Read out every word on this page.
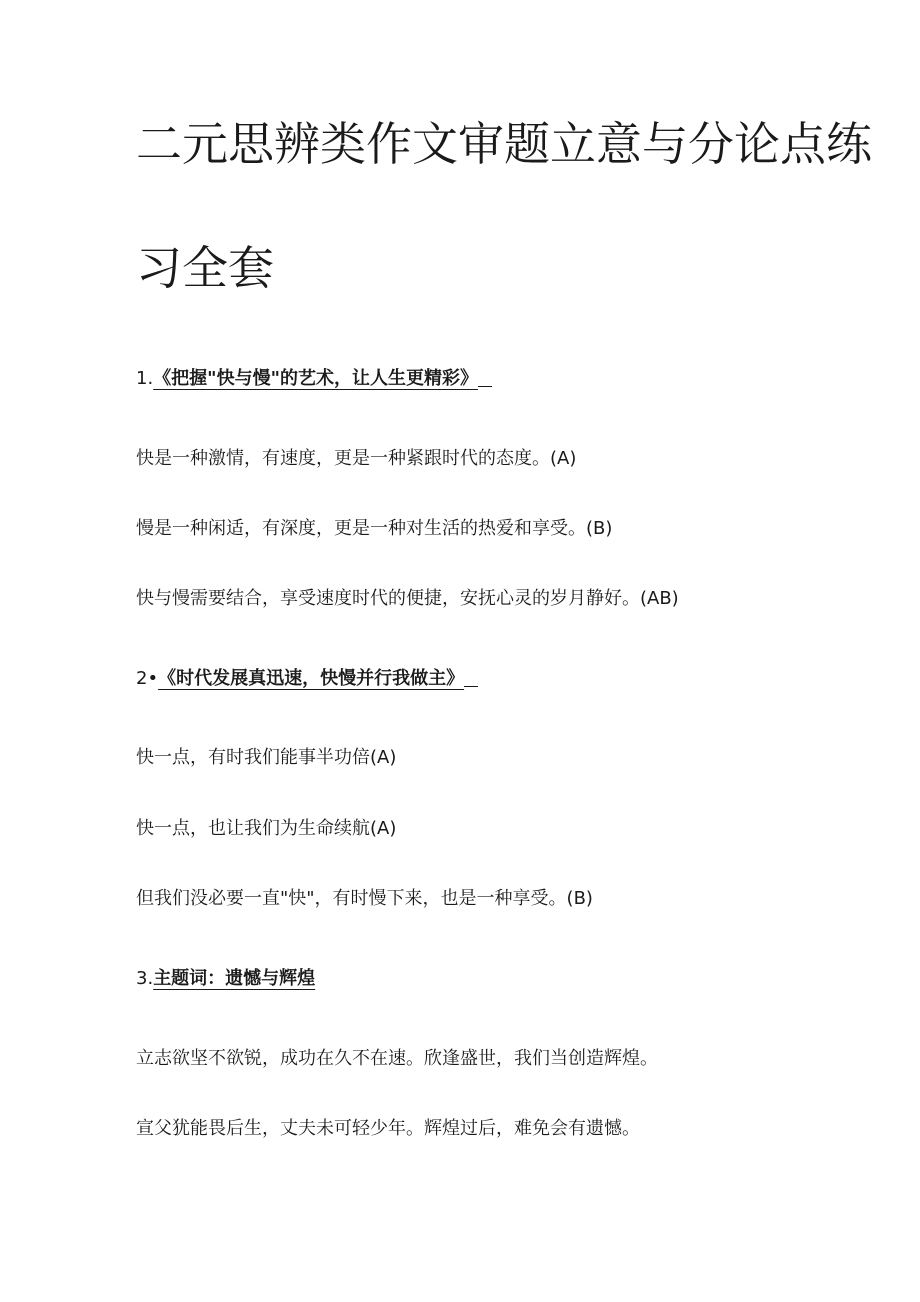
二元思辨类作文审题立意与分论点练
习全套
1.《把握"快与慢"的艺术，让人生更精彩》
快是一种激情，有速度，更是一种紧跟时代的态度。(A)
慢是一种闲适，有深度，更是一种对生活的热爱和享受。(B)
快与慢需要结合，享受速度时代的便捷，安抚心灵的岁月静好。(AB)
2•《时代发展真迅速，快慢并行我做主》
快一点，有时我们能事半功倍(A)
快一点，也让我们为生命续航(A)
但我们没必要一直"快"，有时慢下来，也是一种享受。(B)
3.主题词：遗憾与辉煌
立志欲坚不欲锐，成功在久不在速。欣逢盛世，我们当创造辉煌。
宣父犹能畏后生，丈夫未可轻少年。辉煌过后，难免会有遗憾。
